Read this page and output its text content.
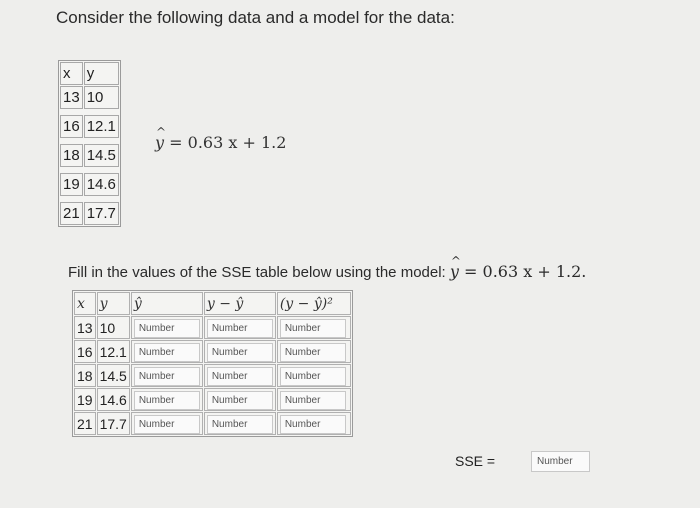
Consider the following data and a model for the data:
x	y
13	10

16	12.1

18	14.5

19	14.6

21	17.7
^ y = 0.63 x + 1.2
Fill in the values of the SSE table below using the model: ^ y = 0.63 x + 1.2.
x	y	ŷ	y − ŷ	(y − ŷ)²
13	10	Number	Number	Number
16	12.1	Number	Number	Number
18	14.5	Number	Number	Number
19	14.6	Number	Number	Number
21	17.7	Number	Number	Number
SSE =	Number
